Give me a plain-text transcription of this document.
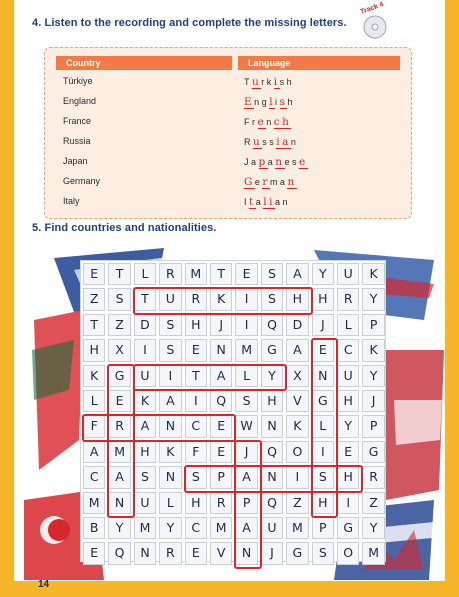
4. Listen to the recording and complete the missing letters.
Track 4
Country	Language
Türkiye	Turkish
England	English
France	French
Russia	Russian
Japan	Japanese
Germany	German
Italy	Italian
5. Find countries and nationalities.
E	T	L	R	M	T	E	S	A	Y	U	K
Z	S	T	U	R	K	I	S	H	H	R	Y
T	Z	D	S	H	J	I	Q	D	J	L	P
H	X	I	S	E	N	M	G	A	E	C	K
K	G	U	I	T	A	L	Y	X	N	U	Y
L	E	K	A	I	Q	S	H	V	G	H	J
F	R	A	N	C	E	W	N	K	L	Y	P
A	M	H	K	F	E	J	Q	O	I	E	G
C	A	S	N	S	P	A	N	I	S	H	R
M	N	U	L	H	R	P	Q	Z	H	I	Z
B	Y	M	Y	C	M	A	U	M	P	G	Y
E	Q	N	R	E	V	N	J	G	S	O	M
14
